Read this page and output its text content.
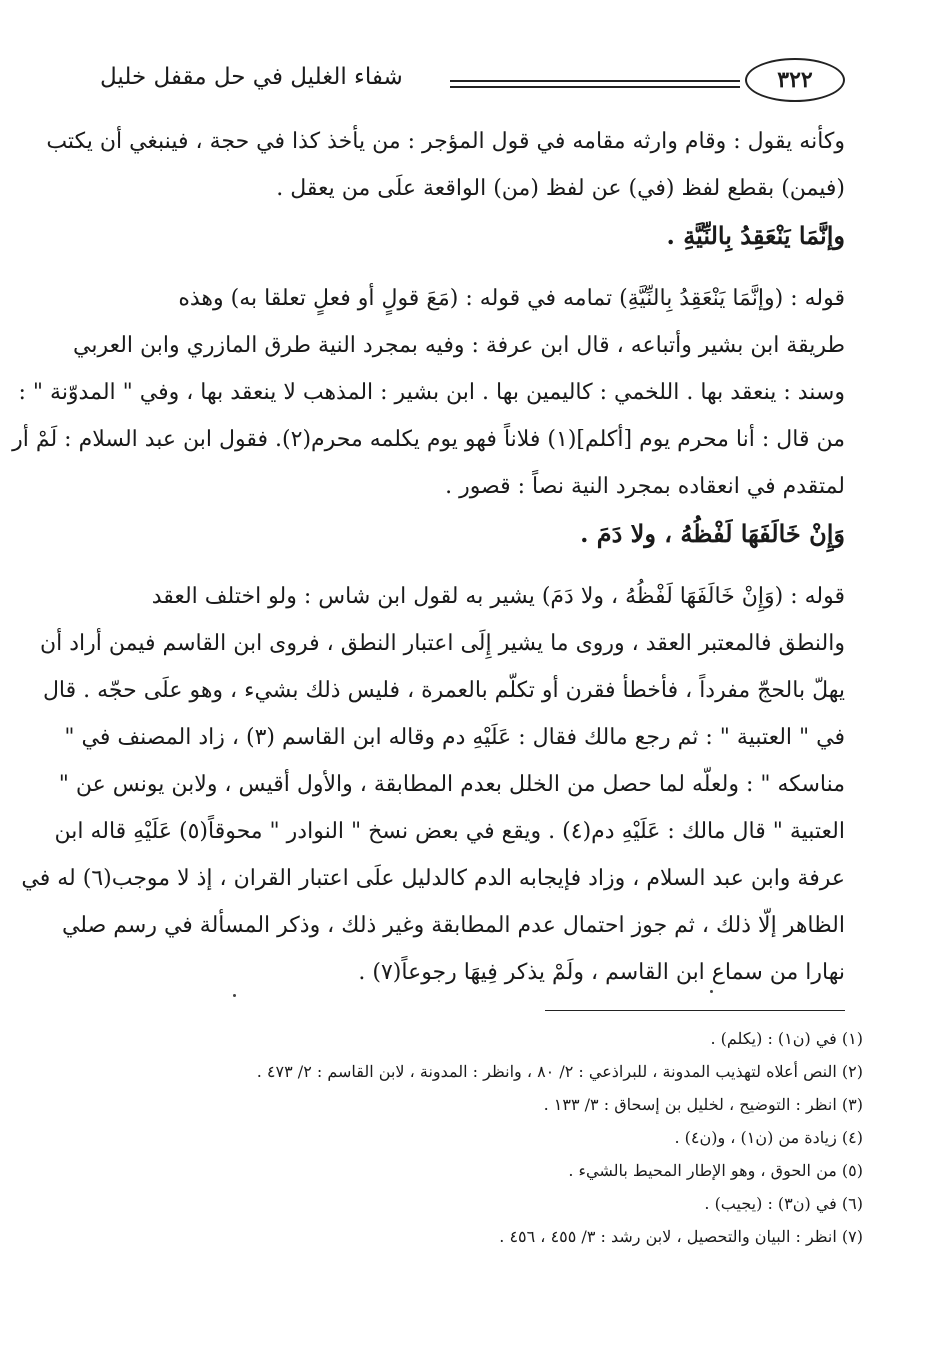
شفاء الغليل في حل مقفل خليل	٣٢٢
وكأنه يقول : وقام وارثه مقامه في قول المؤجر : من يأخذ كذا في حجة ، فينبغي أن يكتب
(فيمن) بقطع لفظ (في) عن لفظ (من) الواقعة علَى من يعقل .
وإنَّمَا يَنْعَقِدُ بِالنِّيَّةِ .
قوله : (وإنَّمَا يَنْعَقِدُ بِالنِّيَّةِ) تمامه في قوله : (مَعَ قولٍ أو فعلٍ تعلقا به) وهذه
طريقة ابن بشير وأتباعه ، قال ابن عرفة : وفيه بمجرد النية طرق المازري وابن العربي
وسند : ينعقد بها . اللخمي : كاليمين بها . ابن بشير : المذهب لا ينعقد بها ، وفي " المدوّنة " :
من قال : أنا محرم يوم [أكلم](١) فلاناً فهو يوم يكلمه محرم(٢). فقول ابن عبد السلام : لَمْ أر
لمتقدم في انعقاده بمجرد النية نصاً : قصور .
وَإِنْ خَالَفَهَا لَفْظُهُ ، ولا دَمَ .
قوله : (وَإِنْ خَالَفَهَا لَفْظُهُ ، ولا دَمَ) يشير به لقول ابن شاس : ولو اختلف العقد
والنطق فالمعتبر العقد ، وروى ما يشير إِلَى اعتبار النطق ، فروى ابن القاسم فيمن أراد أن
يهلّ بالحجّ مفرداً ، فأخطأ فقرن أو تكلّم بالعمرة ، فليس ذلك بشيء ، وهو علَى حجّه . قال
في " العتبية " : ثم رجع مالك فقال : عَلَيْهِ دم وقاله ابن القاسم (٣) ، زاد المصنف في "
مناسكه " : ولعلّه لما حصل من الخلل بعدم المطابقة ، والأول أقيس ، ولابن يونس عن "
العتبية " قال مالك : عَلَيْهِ دم(٤) . ويقع في بعض نسخ " النوادر " محوقاً(٥) عَلَيْهِ قاله ابن
عرفة وابن عبد السلام ، وزاد فإيجابه الدم كالدليل علَى اعتبار القران ، إذ لا موجب(٦) له في
الظاهر إلّا ذلك ، ثم جوز احتمال عدم المطابقة وغير ذلك ، وذكر المسألة في رسم صلي
نهارا من سماع ابن القاسم ، ولَمْ يذكر فِيهَا رجوعاً(٧) .
(١) في (ن١) : (يكلم) .
(٢) النص أعلاه لتهذيب المدونة ، للبراذعي : ٢/ ٨٠ ، وانظر : المدونة ، لابن القاسم : ٢/ ٤٧٣ .
(٣) انظر : التوضيح ، لخليل بن إسحاق : ٣/ ١٣٣ .
(٤) زيادة من (ن١) ، و(ن٤) .
(٥) من الحوق ، وهو الإطار المحيط بالشيء .
(٦) في (ن٣) : (يجيب) .
(٧) انظر : البيان والتحصيل ، لابن رشد : ٣/ ٤٥٥ ، ٤٥٦ .
